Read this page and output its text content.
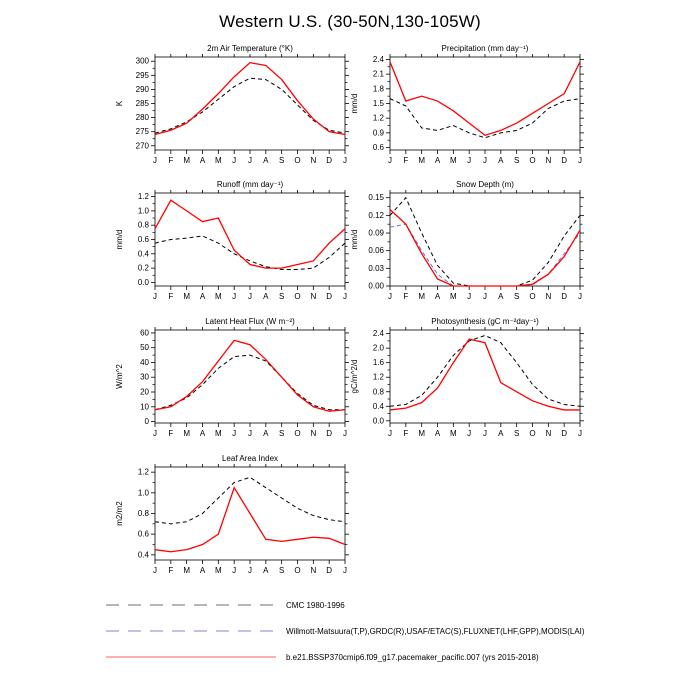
Western U.S. (30-50N,130-105W)
2m Air Temperature (°K)
K
270
275
280
285
290
295
300
J F M A M J J A S O N D J
Precipitation (mm day⁻¹)
mm/d
0.6
0.9
1.2
1.5
1.8
2.1
2.4
J F M A M J J A S O N D J
Runoff (mm day⁻¹)
mm/d
0.0
0.2
0.4
0.6
0.8
1.0
1.2
J F M A M J J A S O N D J
Snow Depth (m)
mm/d
0.00
0.03
0.06
0.09
0.12
0.15
J F M A M J J A S O N D J
Latent Heat Flux (W m⁻²)
W/m^2
0
10
20
30
40
50
60
J F M A M J J A S O N D J
Photosynthesis (gC m⁻²day⁻¹)
gC/m^2/d
0.0
0.4
0.8
1.2
1.6
2.0
2.4
J F M A M J J A S O N D J
Leaf Area Index
m2/m2
0.4
0.6
0.8
1.0
1.2
J F M A M J J A S O N D J
CMC 1980-1996
Willmott-Matsuura(T,P),GRDC(R),USAF/ETAC(S),FLUXNET(LHF,GPP),MODIS(LAI)
b.e21.BSSP370cmip6.f09_g17.pacemaker_pacific.007 (yrs 2015-2018)
